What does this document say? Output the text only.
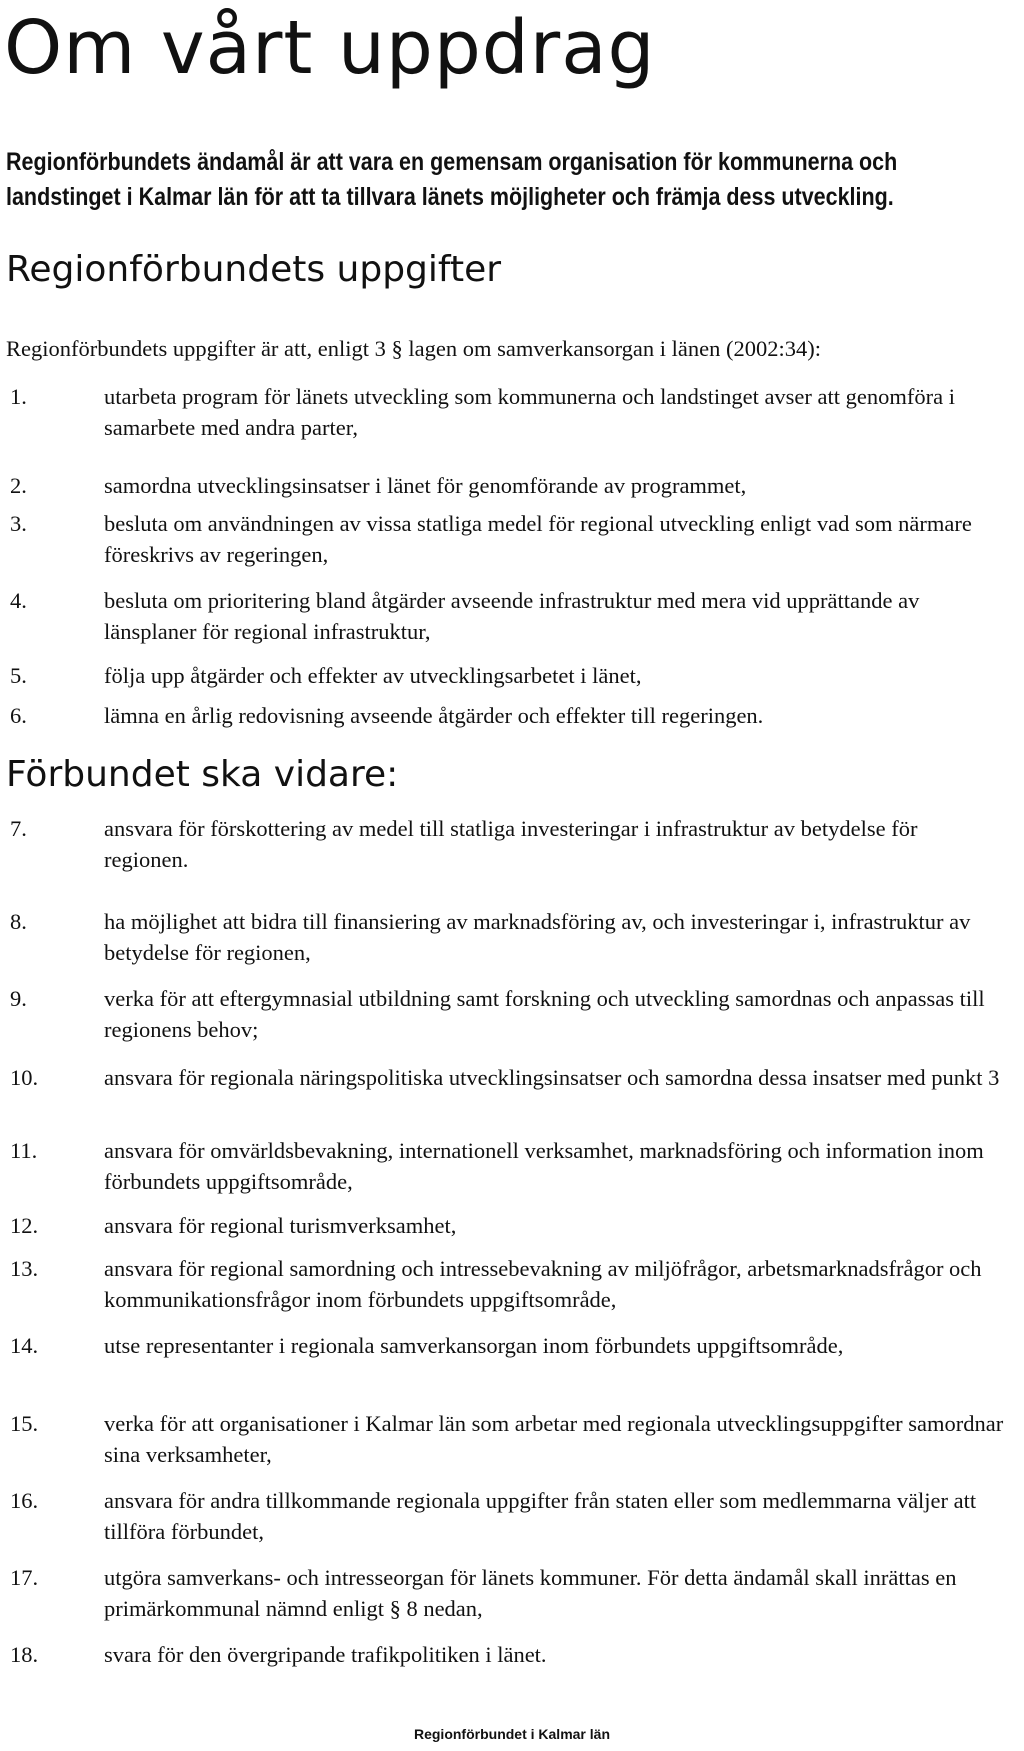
Om vårt uppdrag

Regionförbundets ändamål är att vara en gemensam organisation för kommunerna och landstinget i Kalmar län för att ta tillvara länets möjligheter och främja dess utveckling.

Regionförbundets uppgifter

Regionförbundets uppgifter är att, enligt 3 § lagen om samverkansorgan i länen (2002:34):

1.	utarbeta program för länets utveckling som kommunerna och landstinget avser att genomföra i samarbete med andra parter,
2.	samordna utvecklingsinsatser i länet för genomförande av programmet,
3.	besluta om användningen av vissa statliga medel för regional utveckling enligt vad som närmare föreskrivs av regeringen,
4.	besluta om prioritering bland åtgärder avseende infrastruktur med mera vid upprättande av länsplaner för regional infrastruktur,
5.	följa upp åtgärder och effekter av utvecklingsarbetet i länet,
6.	lämna en årlig redovisning avseende åtgärder och effekter till regeringen.
Förbundet ska vidare:
7.	ansvara för förskottering av medel till statliga investeringar i infrastruktur av betydelse för regionen.
8.	ha möjlighet att bidra till finansiering av marknadsföring av, och investeringar i, infrastruktur av betydelse för regionen,
9.	verka för att eftergymnasial utbildning samt forskning och utveckling samordnas och anpassas till regionens behov;
10.	ansvara för regionala näringspolitiska utvecklingsinsatser och samordna dessa insatser med punkt 3
11.	ansvara för omvärldsbevakning, internationell verksamhet, marknadsföring och information inom förbundets uppgiftsområde,
12.	ansvara för regional turismverksamhet,
13.	ansvara för regional samordning och intressebevakning av miljöfrågor, arbetsmarknadsfrågor och kommunikationsfrågor inom förbundets uppgiftsområde,
14.	utse representanter i regionala samverkansorgan inom förbundets uppgiftsområde,
15.	verka för att organisationer i Kalmar län som arbetar med regionala utvecklingsuppgifter samordnar sina verksamheter,
16.	ansvara för andra tillkommande regionala uppgifter från staten eller som medlemmarna väljer att tillföra förbundet,
17.	utgöra samverkans- och intresseorgan för länets kommuner. För detta ändamål skall inrättas en primärkommunal nämnd enligt § 8 nedan,
18.	svara för den övergripande trafikpolitiken i länet.
Regionförbundet i Kalmar län
